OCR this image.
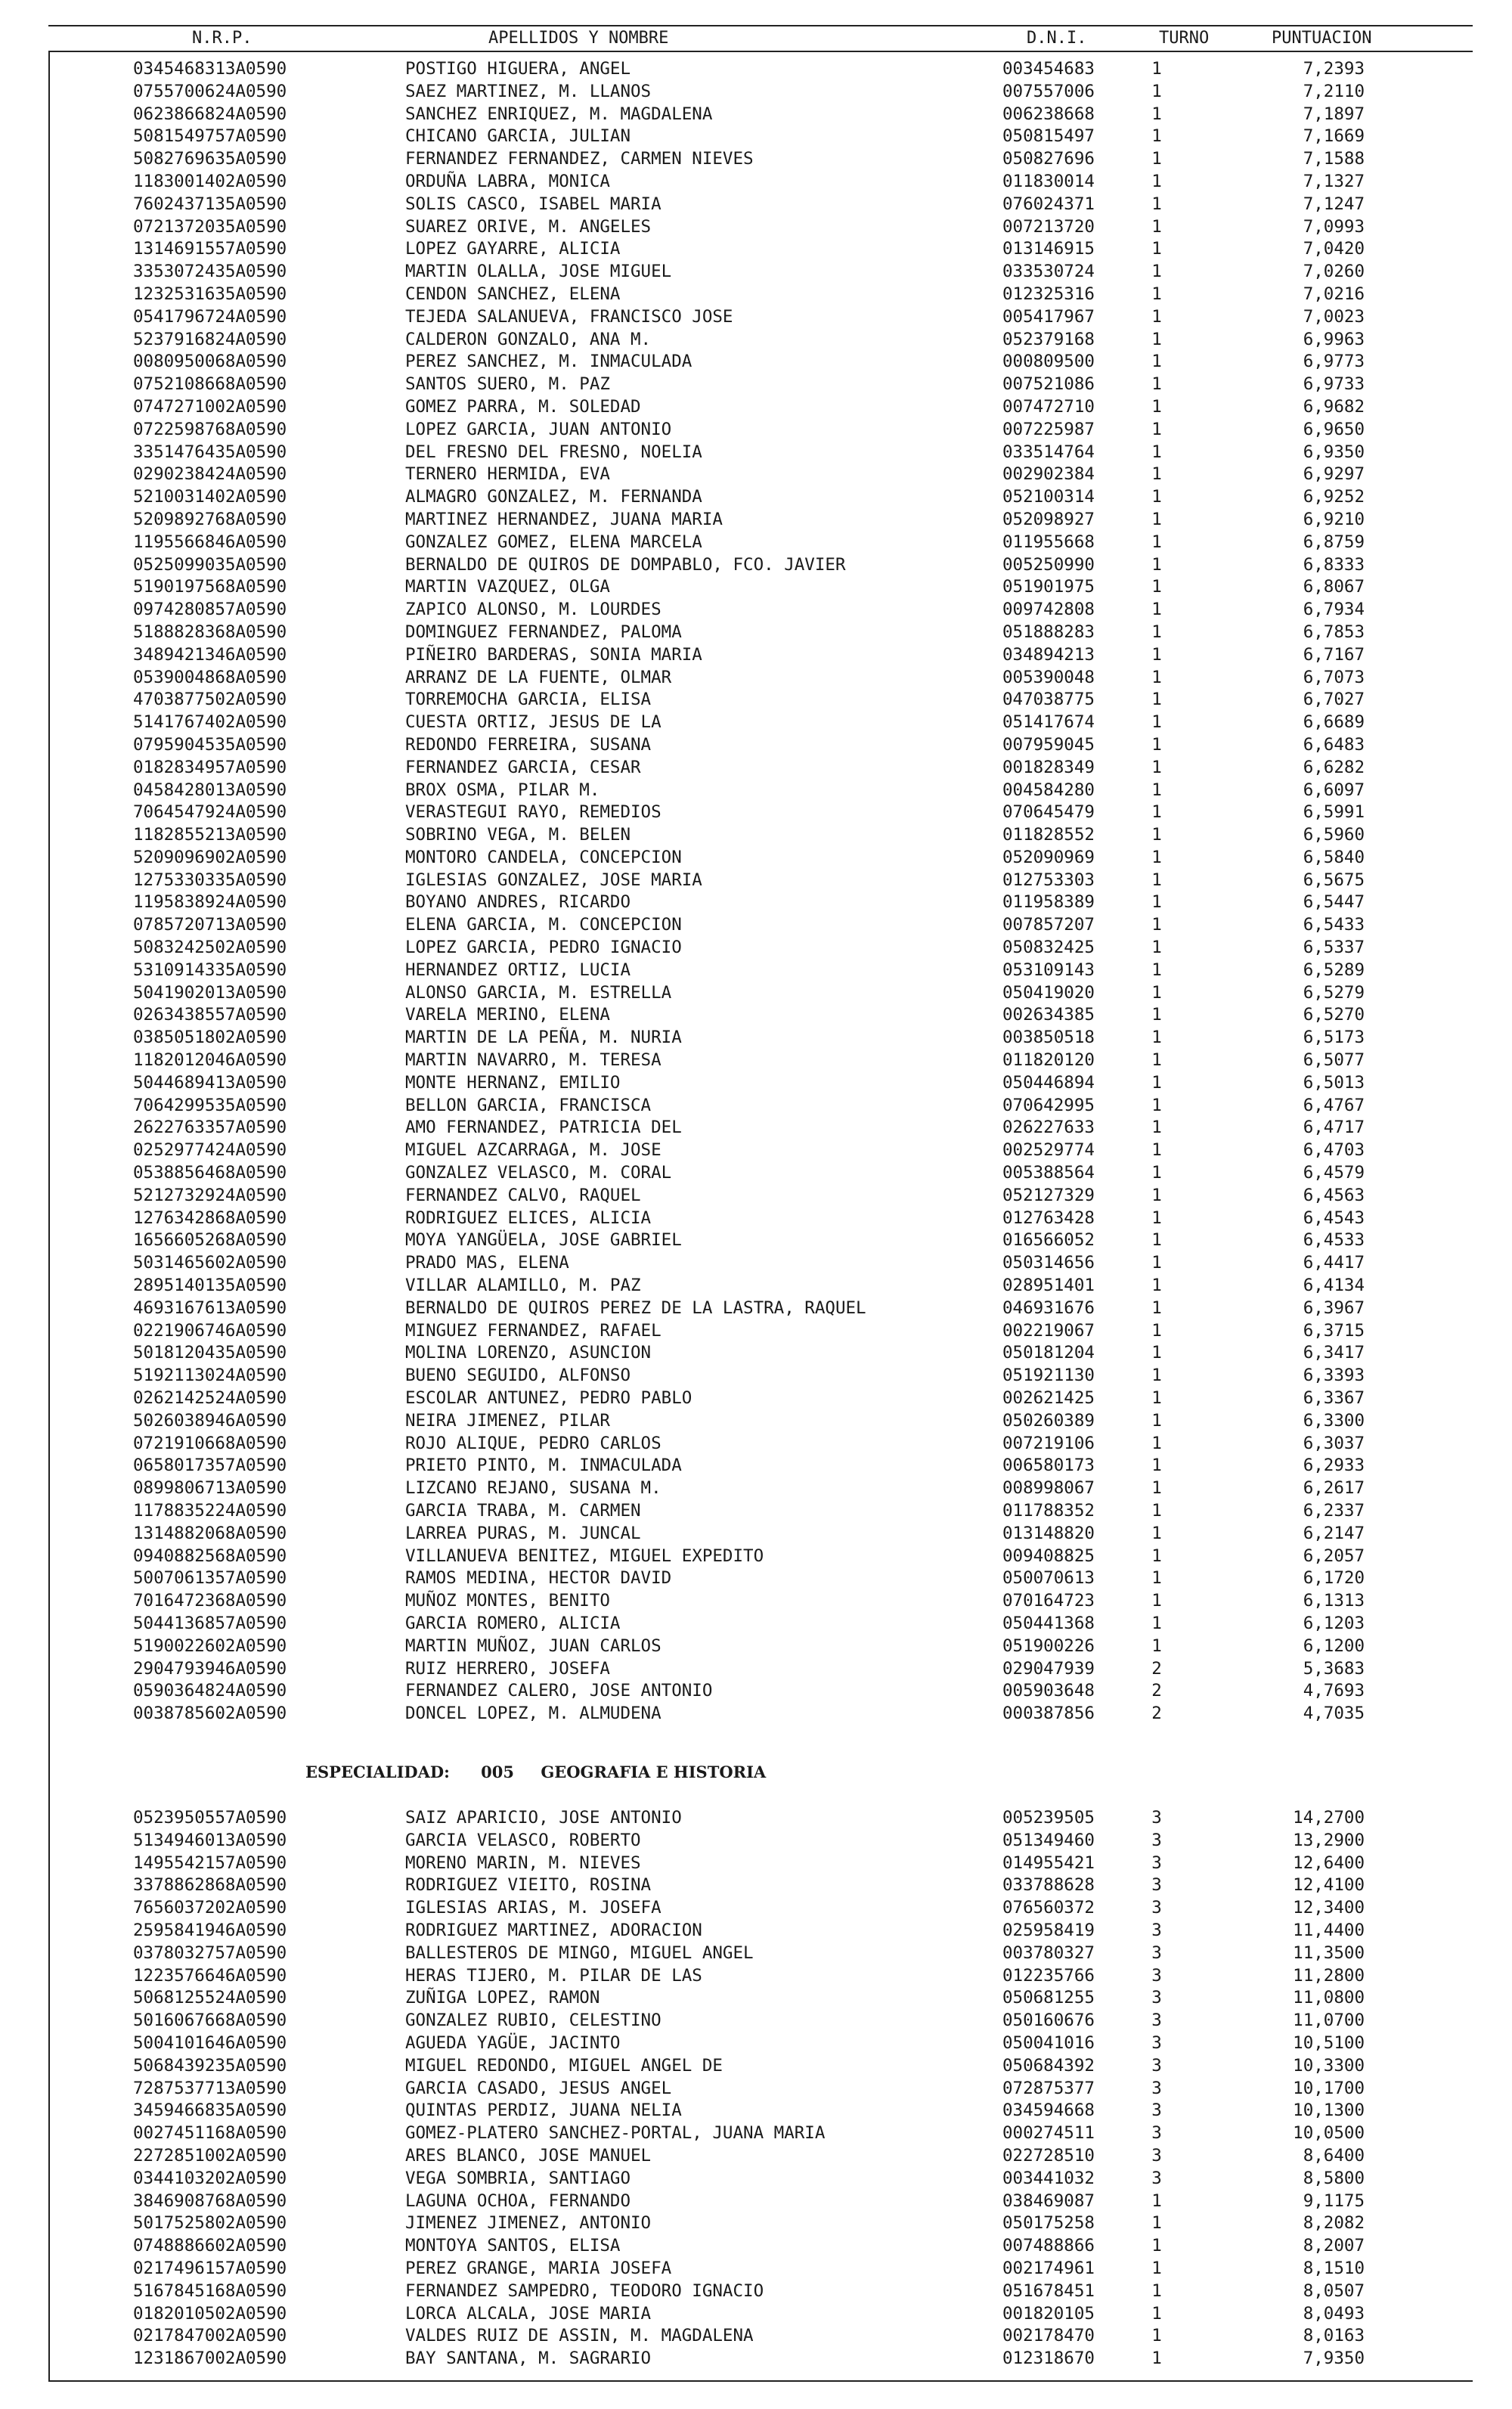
N.R.P.	APELLIDOS Y NOMBRE	D.N.I.	TURNO	PUNTUACION
0345468313A0590	POSTIGO HIGUERA, ANGEL	003454683	1	7,2393
0755700624A0590	SAEZ MARTINEZ, M. LLANOS	007557006	1	7,2110
0623866824A0590	SANCHEZ ENRIQUEZ, M. MAGDALENA	006238668	1	7,1897
5081549757A0590	CHICANO GARCIA, JULIAN	050815497	1	7,1669
5082769635A0590	FERNANDEZ FERNANDEZ, CARMEN NIEVES	050827696	1	7,1588
1183001402A0590	ORDUÑA LABRA, MONICA	011830014	1	7,1327
7602437135A0590	SOLIS CASCO, ISABEL MARIA	076024371	1	7,1247
0721372035A0590	SUAREZ ORIVE, M. ANGELES	007213720	1	7,0993
1314691557A0590	LOPEZ GAYARRE, ALICIA	013146915	1	7,0420
3353072435A0590	MARTIN OLALLA, JOSE MIGUEL	033530724	1	7,0260
1232531635A0590	CENDON SANCHEZ, ELENA	012325316	1	7,0216
0541796724A0590	TEJEDA SALANUEVA, FRANCISCO JOSE	005417967	1	7,0023
5237916824A0590	CALDERON GONZALO, ANA M.	052379168	1	6,9963
0080950068A0590	PEREZ SANCHEZ, M. INMACULADA	000809500	1	6,9773
0752108668A0590	SANTOS SUERO, M. PAZ	007521086	1	6,9733
0747271002A0590	GOMEZ PARRA, M. SOLEDAD	007472710	1	6,9682
0722598768A0590	LOPEZ GARCIA, JUAN ANTONIO	007225987	1	6,9650
3351476435A0590	DEL FRESNO DEL FRESNO, NOELIA	033514764	1	6,9350
0290238424A0590	TERNERO HERMIDA, EVA	002902384	1	6,9297
5210031402A0590	ALMAGRO GONZALEZ, M. FERNANDA	052100314	1	6,9252
5209892768A0590	MARTINEZ HERNANDEZ, JUANA MARIA	052098927	1	6,9210
1195566846A0590	GONZALEZ GOMEZ, ELENA MARCELA	011955668	1	6,8759
0525099035A0590	BERNALDO DE QUIROS DE DOMPABLO, FCO. JAVIER	005250990	1	6,8333
5190197568A0590	MARTIN VAZQUEZ, OLGA	051901975	1	6,8067
0974280857A0590	ZAPICO ALONSO, M. LOURDES	009742808	1	6,7934
5188828368A0590	DOMINGUEZ FERNANDEZ, PALOMA	051888283	1	6,7853
3489421346A0590	PIÑEIRO BARDERAS, SONIA MARIA	034894213	1	6,7167
0539004868A0590	ARRANZ DE LA FUENTE, OLMAR	005390048	1	6,7073
4703877502A0590	TORREMOCHA GARCIA, ELISA	047038775	1	6,7027
5141767402A0590	CUESTA ORTIZ, JESUS DE LA	051417674	1	6,6689
0795904535A0590	REDONDO FERREIRA, SUSANA	007959045	1	6,6483
0182834957A0590	FERNANDEZ GARCIA, CESAR	001828349	1	6,6282
0458428013A0590	BROX OSMA, PILAR M.	004584280	1	6,6097
7064547924A0590	VERASTEGUI RAYO, REMEDIOS	070645479	1	6,5991
1182855213A0590	SOBRINO VEGA, M. BELEN	011828552	1	6,5960
5209096902A0590	MONTORO CANDELA, CONCEPCION	052090969	1	6,5840
1275330335A0590	IGLESIAS GONZALEZ, JOSE MARIA	012753303	1	6,5675
1195838924A0590	BOYANO ANDRES, RICARDO	011958389	1	6,5447
0785720713A0590	ELENA GARCIA, M. CONCEPCION	007857207	1	6,5433
5083242502A0590	LOPEZ GARCIA, PEDRO IGNACIO	050832425	1	6,5337
5310914335A0590	HERNANDEZ ORTIZ, LUCIA	053109143	1	6,5289
5041902013A0590	ALONSO GARCIA, M. ESTRELLA	050419020	1	6,5279
0263438557A0590	VARELA MERINO, ELENA	002634385	1	6,5270
0385051802A0590	MARTIN DE LA PEÑA, M. NURIA	003850518	1	6,5173
1182012046A0590	MARTIN NAVARRO, M. TERESA	011820120	1	6,5077
5044689413A0590	MONTE HERNANZ, EMILIO	050446894	1	6,5013
7064299535A0590	BELLON GARCIA, FRANCISCA	070642995	1	6,4767
2622763357A0590	AMO FERNANDEZ, PATRICIA DEL	026227633	1	6,4717
0252977424A0590	MIGUEL AZCARRAGA, M. JOSE	002529774	1	6,4703
0538856468A0590	GONZALEZ VELASCO, M. CORAL	005388564	1	6,4579
5212732924A0590	FERNANDEZ CALVO, RAQUEL	052127329	1	6,4563
1276342868A0590	RODRIGUEZ ELICES, ALICIA	012763428	1	6,4543
1656605268A0590	MOYA YANGÜELA, JOSE GABRIEL	016566052	1	6,4533
5031465602A0590	PRADO MAS, ELENA	050314656	1	6,4417
2895140135A0590	VILLAR ALAMILLO, M. PAZ	028951401	1	6,4134
4693167613A0590	BERNALDO DE QUIROS PEREZ DE LA LASTRA, RAQUEL	046931676	1	6,3967
0221906746A0590	MINGUEZ FERNANDEZ, RAFAEL	002219067	1	6,3715
5018120435A0590	MOLINA LORENZO, ASUNCION	050181204	1	6,3417
5192113024A0590	BUENO SEGUIDO, ALFONSO	051921130	1	6,3393
0262142524A0590	ESCOLAR ANTUNEZ, PEDRO PABLO	002621425	1	6,3367
5026038946A0590	NEIRA JIMENEZ, PILAR	050260389	1	6,3300
0721910668A0590	ROJO ALIQUE, PEDRO CARLOS	007219106	1	6,3037
0658017357A0590	PRIETO PINTO, M. INMACULADA	006580173	1	6,2933
0899806713A0590	LIZCANO REJANO, SUSANA M.	008998067	1	6,2617
1178835224A0590	GARCIA TRABA, M. CARMEN	011788352	1	6,2337
1314882068A0590	LARREA PURAS, M. JUNCAL	013148820	1	6,2147
0940882568A0590	VILLANUEVA BENITEZ, MIGUEL EXPEDITO	009408825	1	6,2057
5007061357A0590	RAMOS MEDINA, HECTOR DAVID	050070613	1	6,1720
7016472368A0590	MUÑOZ MONTES, BENITO	070164723	1	6,1313
5044136857A0590	GARCIA ROMERO, ALICIA	050441368	1	6,1203
5190022602A0590	MARTIN MUÑOZ, JUAN CARLOS	051900226	1	6,1200
2904793946A0590	RUIZ HERRERO, JOSEFA	029047939	2	5,3683
0590364824A0590	FERNANDEZ CALERO, JOSE ANTONIO	005903648	2	4,7693
0038785602A0590	DONCEL LOPEZ, M. ALMUDENA	000387856	2	4,7035
ESPECIALIDAD: 005 GEOGRAFIA E HISTORIA
0523950557A0590	SAIZ APARICIO, JOSE ANTONIO	005239505	3	14,2700
5134946013A0590	GARCIA VELASCO, ROBERTO	051349460	3	13,2900
1495542157A0590	MORENO MARIN, M. NIEVES	014955421	3	12,6400
3378862868A0590	RODRIGUEZ VIEITO, ROSINA	033788628	3	12,4100
7656037202A0590	IGLESIAS ARIAS, M. JOSEFA	076560372	3	12,3400
2595841946A0590	RODRIGUEZ MARTINEZ, ADORACION	025958419	3	11,4400
0378032757A0590	BALLESTEROS DE MINGO, MIGUEL ANGEL	003780327	3	11,3500
1223576646A0590	HERAS TIJERO, M. PILAR DE LAS	012235766	3	11,2800
5068125524A0590	ZUÑIGA LOPEZ, RAMON	050681255	3	11,0800
5016067668A0590	GONZALEZ RUBIO, CELESTINO	050160676	3	11,0700
5004101646A0590	AGUEDA YAGÜE, JACINTO	050041016	3	10,5100
5068439235A0590	MIGUEL REDONDO, MIGUEL ANGEL DE	050684392	3	10,3300
7287537713A0590	GARCIA CASADO, JESUS ANGEL	072875377	3	10,1700
3459466835A0590	QUINTAS PERDIZ, JUANA NELIA	034594668	3	10,1300
0027451168A0590	GOMEZ-PLATERO SANCHEZ-PORTAL, JUANA MARIA	000274511	3	10,0500
2272851002A0590	ARES BLANCO, JOSE MANUEL	022728510	3	8,6400
0344103202A0590	VEGA SOMBRIA, SANTIAGO	003441032	3	8,5800
3846908768A0590	LAGUNA OCHOA, FERNANDO	038469087	1	9,1175
5017525802A0590	JIMENEZ JIMENEZ, ANTONIO	050175258	1	8,2082
0748886602A0590	MONTOYA SANTOS, ELISA	007488866	1	8,2007
0217496157A0590	PEREZ GRANGE, MARIA JOSEFA	002174961	1	8,1510
5167845168A0590	FERNANDEZ SAMPEDRO, TEODORO IGNACIO	051678451	1	8,0507
0182010502A0590	LORCA ALCALA, JOSE MARIA	001820105	1	8,0493
0217847002A0590	VALDES RUIZ DE ASSIN, M. MAGDALENA	002178470	1	8,0163
1231867002A0590	BAY SANTANA, M. SAGRARIO	012318670	1	7,9350
